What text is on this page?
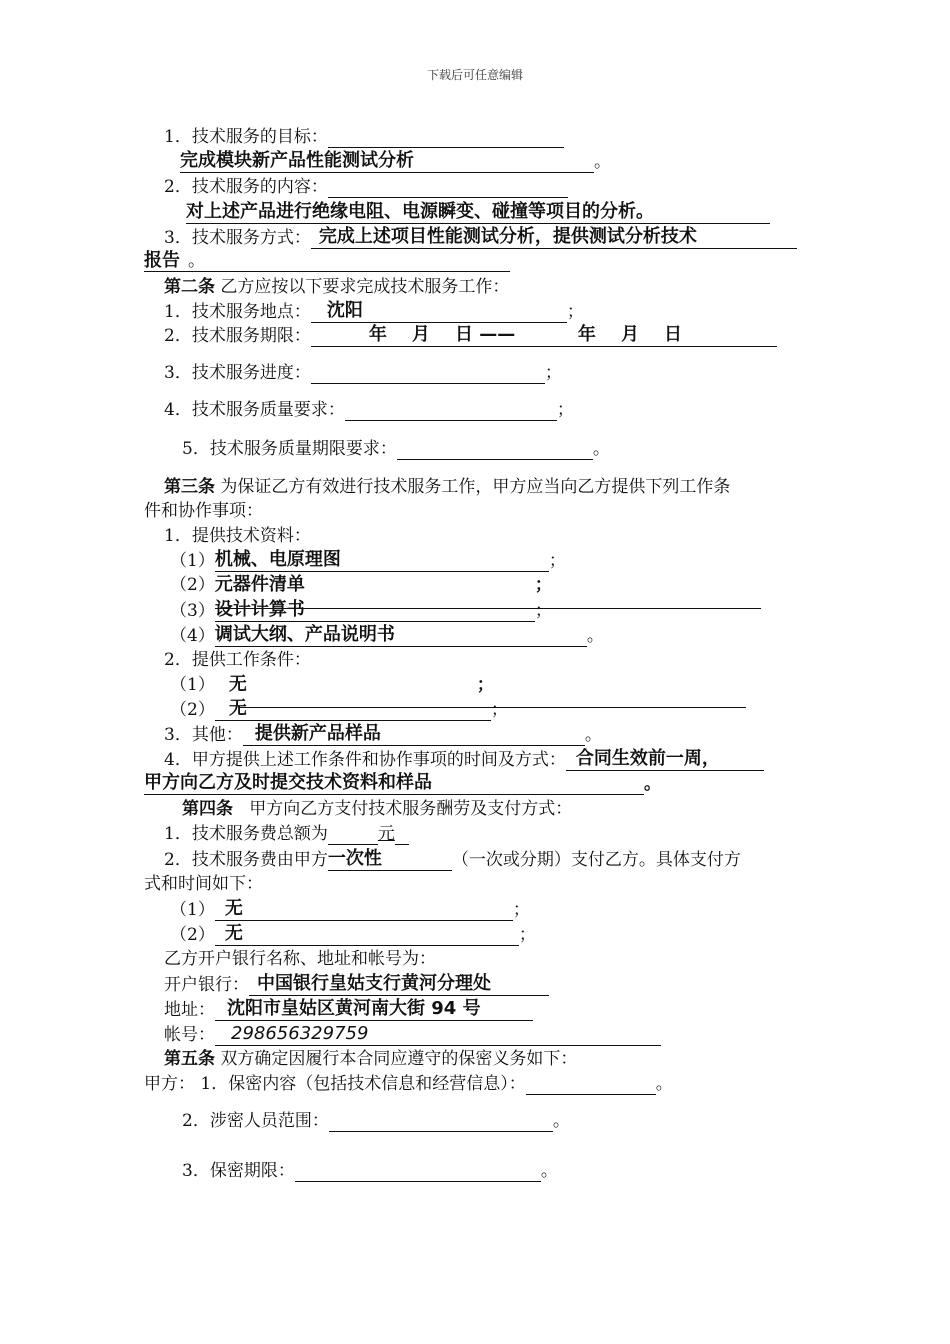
下载后可任意编辑
1．技术服务的目标：
完成模块新产品性能测试分析	。
2．技术服务的内容：
对上述产品进行绝缘电阻、电源瞬变、碰撞等项目的分析。
3．技术服务方式： 完成上述项目性能测试分析，提供测试分析技术
报告 。
第二条 乙方应按以下要求完成技术服务工作：
1．技术服务地点： 沈阳	；
2．技术服务期限：	年    月    日 ——          年    月    日
3．技术服务进度：	；
4．技术服务质量要求：	；
5．技术服务质量期限要求：	。
第三条 为保证乙方有效进行技术服务工作，甲方应当向乙方提供下列工作条
件和协作事项：
1．提供技术资料：
（1）机械、电原理图	；
（2）元器件清单	；
（3）设计计算书	；
（4）调试大纲、产品说明书	。
2．提供工作条件：
（1） 无	；
（2） 无	；
3．其他： 提供新产品样品	。
4．甲方提供上述工作条件和协作事项的时间及方式： 合同生效前一周，
甲方向乙方及时提交技术资料和样品	。
第四条 甲方向乙方支付技术服务酬劳及支付方式：
1．技术服务费总额为	元
2．技术服务费由甲方一次性	（一次或分期）支付乙方。具体支付方
式和时间如下：
（1） 无	；
（2） 无	；
乙方开户银行名称、地址和帐号为：
开户银行： 中国银行皇姑支行黄河分理处
地址： 沈阳市皇姑区黄河南大街 94 号
帐号： 298656329759
第五条 双方确定因履行本合同应遵守的保密义务如下：
甲方： 1．保密内容（包括技术信息和经营信息）：	。
2．涉密人员范围：	。
3．保密期限：	。
